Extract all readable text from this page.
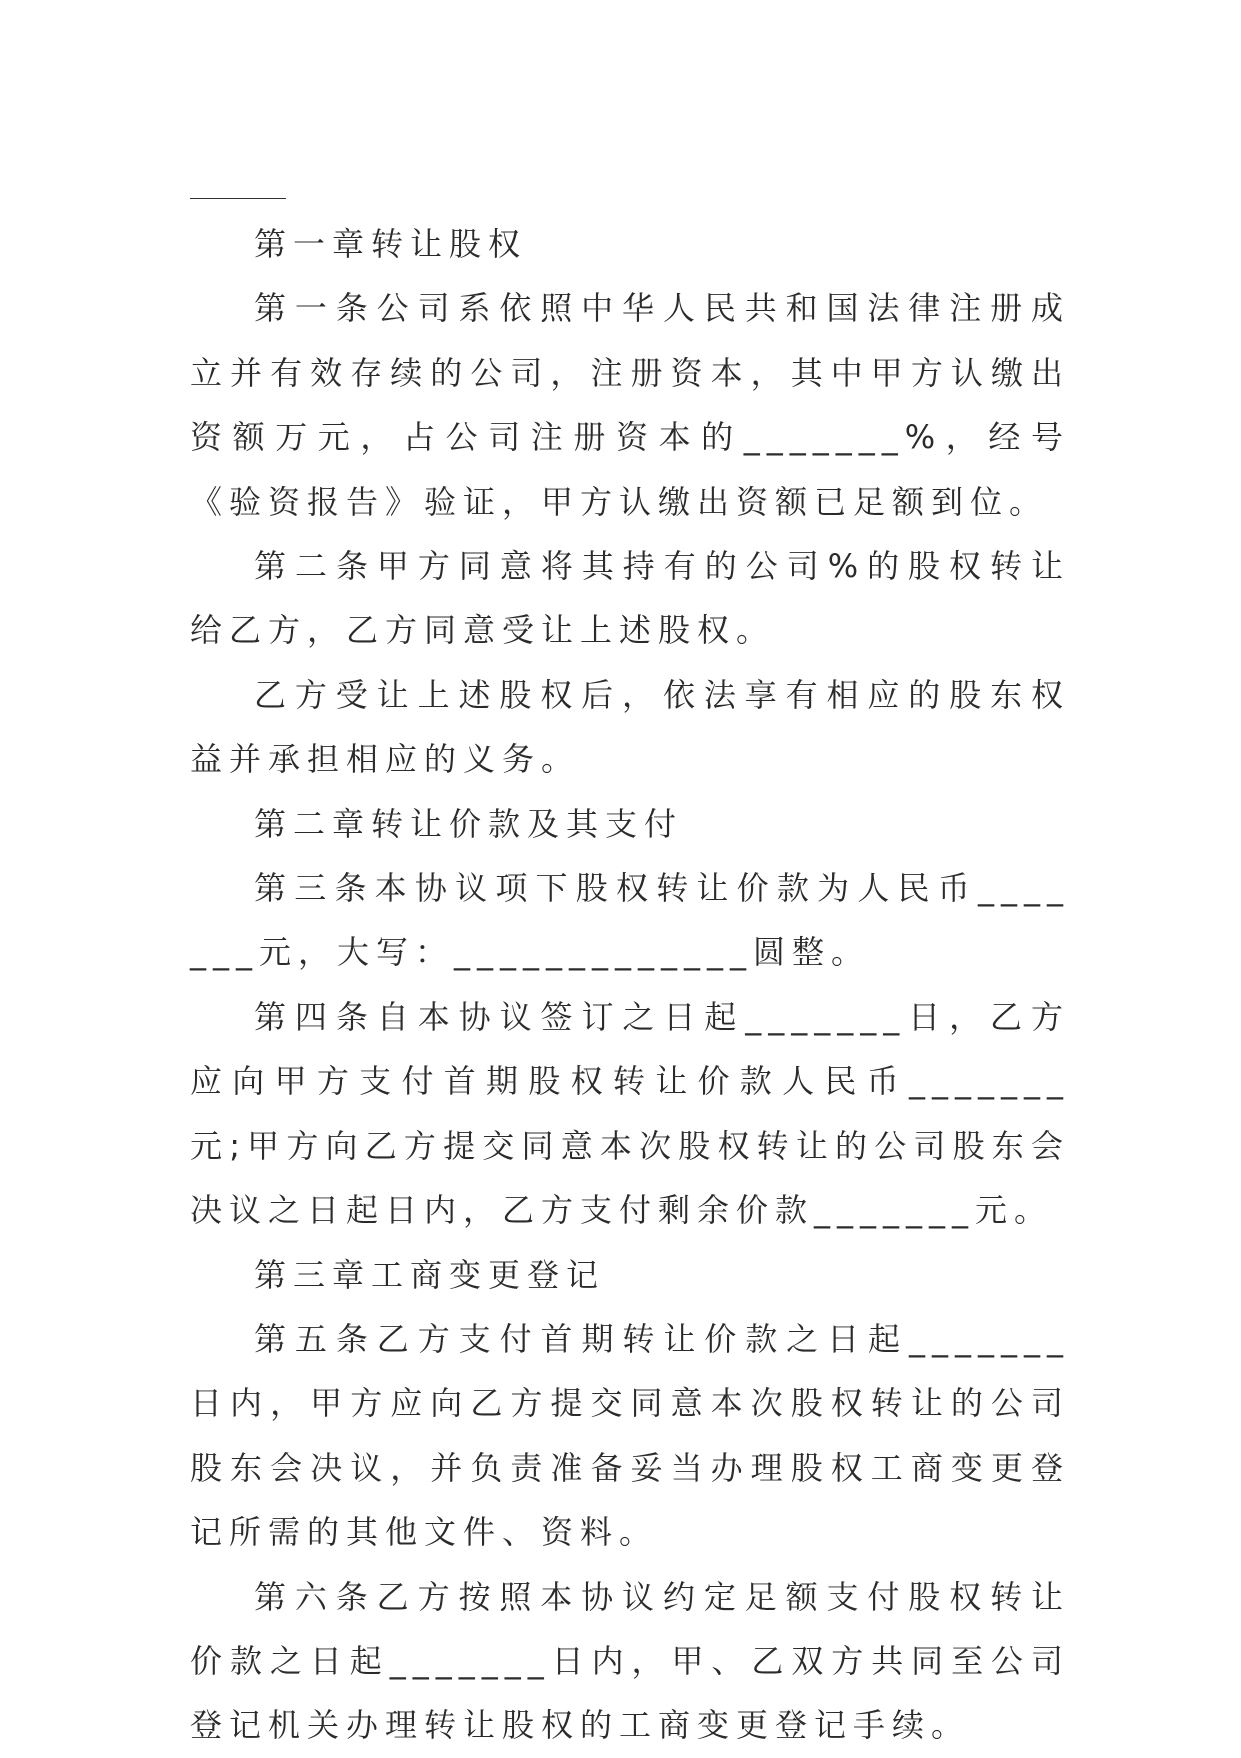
第一章转让股权

第一条公司系依照中华人民共和国法律注册成立并有效存续的公司，注册资本，其中甲方认缴出资额万元，占公司注册资本的_______%，经号《验资报告》验证，甲方认缴出资额已足额到位。

第二条甲方同意将其持有的公司%的股权转让给乙方，乙方同意受让上述股权。

乙方受让上述股权后，依法享有相应的股东权益并承担相应的义务。

第二章转让价款及其支付

第三条本协议项下股权转让价款为人民币_______元，大写：_____________圆整。

第四条自本协议签订之日起_______日，乙方应向甲方支付首期股权转让价款人民币_______元;甲方向乙方提交同意本次股权转让的公司股东会决议之日起日内，乙方支付剩余价款_______元。

第三章工商变更登记

第五条乙方支付首期转让价款之日起_______日内，甲方应向乙方提交同意本次股权转让的公司股东会决议，并负责准备妥当办理股权工商变更登记所需的其他文件、资料。

第六条乙方按照本协议约定足额支付股权转让价款之日起_______日内，甲、乙双方共同至公司登记机关办理转让股权的工商变更登记手续。
